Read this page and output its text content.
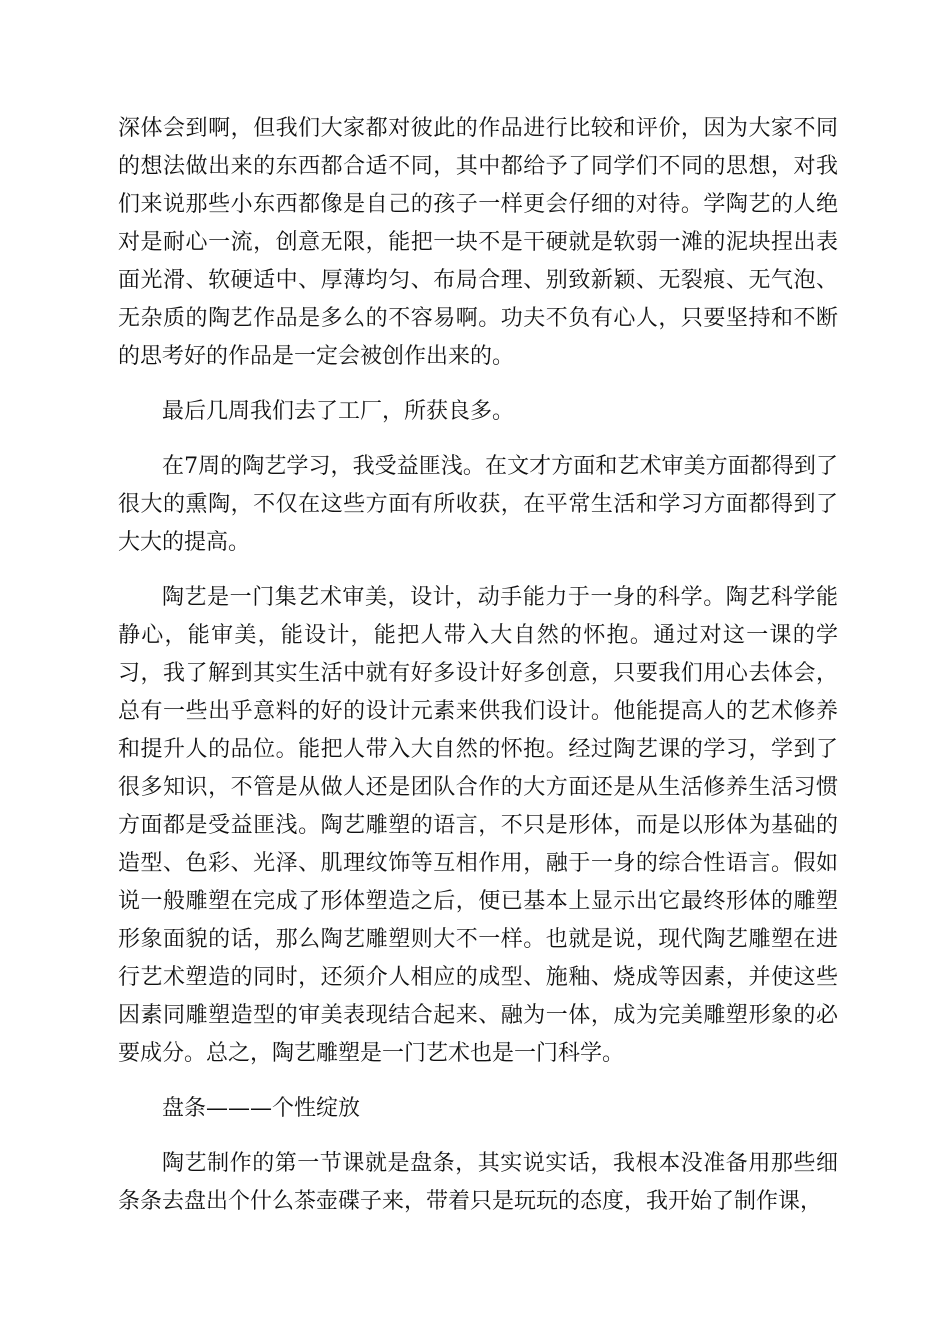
深体会到啊，但我们大家都对彼此的作品进行比较和评价，因为大家不同的想法做出来的东西都合适不同，其中都给予了同学们不同的思想，对我们来说那些小东西都像是自己的孩子一样更会仔细的对待。学陶艺的人绝对是耐心一流，创意无限，能把一块不是干硬就是软弱一滩的泥块捏出表面光滑、软硬适中、厚薄均匀、布局合理、别致新颖、无裂痕、无气泡、无杂质的陶艺作品是多么的不容易啊。功夫不负有心人，只要坚持和不断的思考好的作品是一定会被创作出来的。

最后几周我们去了工厂，所获良多。

在7周的陶艺学习，我受益匪浅。在文才方面和艺术审美方面都得到了很大的熏陶，不仅在这些方面有所收获，在平常生活和学习方面都得到了大大的提高。

陶艺是一门集艺术审美，设计，动手能力于一身的科学。陶艺科学能静心，能审美，能设计，能把人带入大自然的怀抱。通过对这一课的学习，我了解到其实生活中就有好多设计好多创意，只要我们用心去体会，总有一些出乎意料的好的设计元素来供我们设计。他能提高人的艺术修养和提升人的品位。能把人带入大自然的怀抱。经过陶艺课的学习，学到了很多知识，不管是从做人还是团队合作的大方面还是从生活修养生活习惯方面都是受益匪浅。陶艺雕塑的语言，不只是形体，而是以形体为基础的造型、色彩、光泽、肌理纹饰等互相作用，融于一身的综合性语言。假如说一般雕塑在完成了形体塑造之后，便已基本上显示出它最终形体的雕塑形象面貌的话，那么陶艺雕塑则大不一样。也就是说，现代陶艺雕塑在进行艺术塑造的同时，还须介人相应的成型、施釉、烧成等因素，并使这些因素同雕塑造型的审美表现结合起来、融为一体，成为完美雕塑形象的必要成分。总之，陶艺雕塑是一门艺术也是一门科学。

盘条———个性绽放

陶艺制作的第一节课就是盘条，其实说实话，我根本没准备用那些细条条去盘出个什么茶壶碟子来，带着只是玩玩的态度，我开始了制作课，
